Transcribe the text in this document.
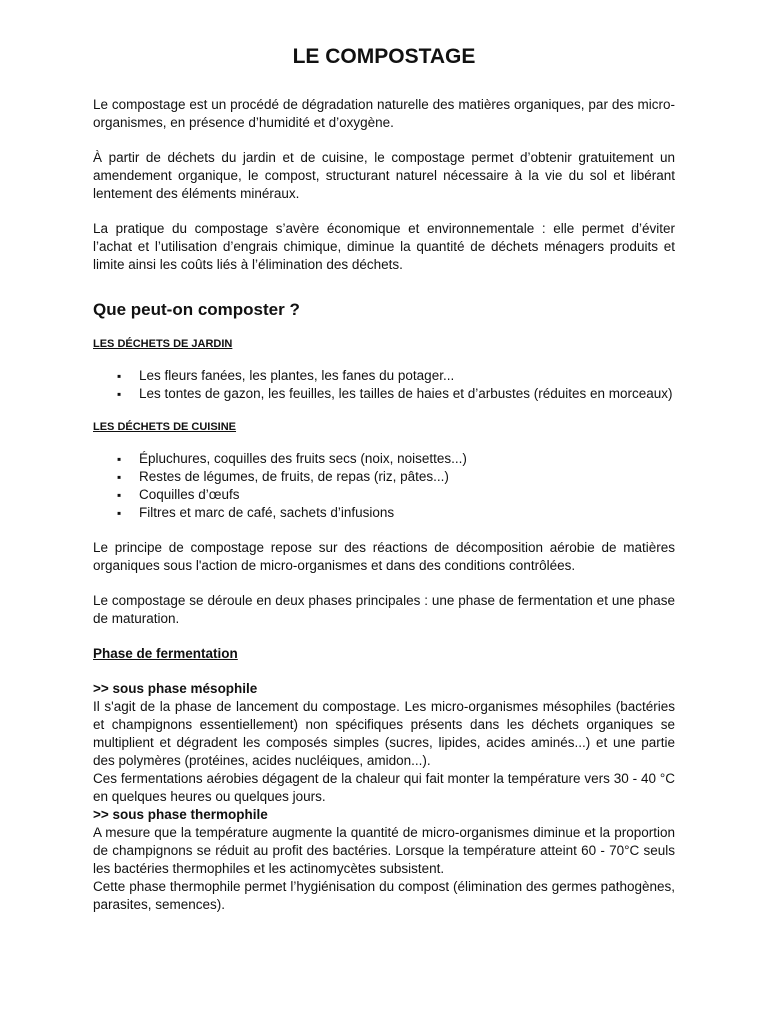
LE COMPOSTAGE

Le compostage est un procédé de dégradation naturelle des matières organiques, par des micro-organismes, en présence d’humidité et d’oxygène.

À partir de déchets du jardin et de cuisine, le compostage permet d’obtenir gratuitement un amendement organique, le compost, structurant naturel nécessaire à la vie du sol et libérant lentement des éléments minéraux.

La pratique du compostage s’avère économique et environnementale : elle permet d’éviter l’achat et l’utilisation d’engrais chimique, diminue la quantité de déchets ménagers produits et limite ainsi les coûts liés à l’élimination des déchets.

Que peut-on composter ?
LES DÉCHETS DE JARDIN
▪ Les fleurs fanées, les plantes, les fanes du potager...
▪ Les tontes de gazon, les feuilles, les tailles de haies et d’arbustes (réduites en morceaux)
LES DÉCHETS DE CUISINE
▪ Épluchures, coquilles des fruits secs (noix, noisettes...)
▪ Restes de légumes, de fruits, de repas (riz, pâtes...)
▪ Coquilles d’œufs
▪ Filtres et marc de café, sachets d’infusions

Le principe de compostage repose sur des réactions de décomposition aérobie de matières organiques sous l'action de micro-organismes et dans des conditions contrôlées.

Le compostage se déroule en deux phases principales : une phase de fermentation et une phase de maturation.

Phase de fermentation
>> sous phase mésophile

Il s'agit de la phase de lancement du compostage. Les micro-organismes mésophiles (bactéries et champignons essentiellement) non spécifiques présents dans les déchets organiques se multiplient et dégradent les composés simples (sucres, lipides, acides aminés...) et une partie des polymères (protéines, acides nucléiques, amidon...).

Ces fermentations aérobies dégagent de la chaleur qui fait monter la température vers 30 - 40 °C en quelques heures ou quelques jours.

>> sous phase thermophile

A mesure que la température augmente la quantité de micro-organismes diminue et la proportion de champignons se réduit au profit des bactéries. Lorsque la température atteint 60 - 70°C seuls les bactéries thermophiles et les actinomycètes subsistent.

Cette phase thermophile permet l’hygiénisation du compost (élimination des germes pathogènes, parasites, semences).
